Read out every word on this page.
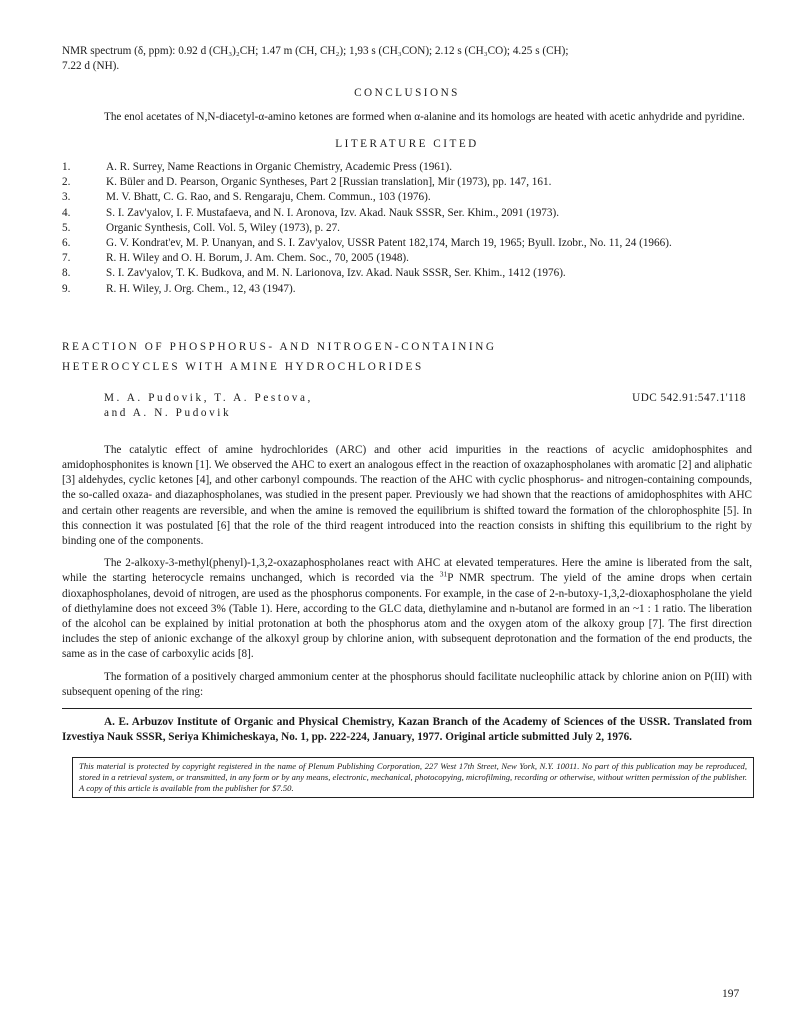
NMR spectrum (δ, ppm): 0.92 d (CH₃)₂CH; 1.47 m (CH, CH₂); 1,93 s (CH₃CON); 2.12 s (CH₃CO); 4.25 s (CH);

7.22 d (NH).

CONCLUSIONS

The enol acetates of N,N-diacetyl-α-amino ketones are formed when α-alanine and its homologs are heated with acetic anhydride and pyridine.

LITERATURE CITED
1.	A. R. Surrey, Name Reactions in Organic Chemistry, Academic Press (1961).
2.	K. Büler and D. Pearson, Organic Syntheses, Part 2 [Russian translation], Mir (1973), pp. 147, 161.
3.	M. V. Bhatt, C. G. Rao, and S. Rengaraju, Chem. Commun., 103 (1976).
4.	S. I. Zav'yalov, I. F. Mustafaeva, and N. I. Aronova, Izv. Akad. Nauk SSSR, Ser. Khim., 2091 (1973).
5.	Organic Synthesis, Coll. Vol. 5, Wiley (1973), p. 27.
6.	G. V. Kondrat'ev, M. P. Unanyan, and S. I. Zav'yalov, USSR Patent 182,174, March 19, 1965; Byull. Izobr., No. 11, 24 (1966).
7.	R. H. Wiley and O. H. Borum, J. Am. Chem. Soc., 70, 2005 (1948).
8.	S. I. Zav'yalov, T. K. Budkova, and M. N. Larionova, Izv. Akad. Nauk SSSR, Ser. Khim., 1412 (1976).
9.	R. H. Wiley, J. Org. Chem., 12, 43 (1947).
REACTION OF PHOSPHORUS- AND NITROGEN-CONTAINING
HETEROCYCLES WITH AMINE HYDROCHLORIDES
M. A. Pudovik, T. A. Pestova,
and A. N. Pudovik
UDC 542.91:547.1'118

The catalytic effect of amine hydrochlorides (ARC) and other acid impurities in the reactions of acyclic amidophosphites and amidophosphonites is known [1]. We observed the AHC to exert an analogous effect in the reaction of oxazaphospholanes with aromatic [2] and aliphatic [3] aldehydes, cyclic ketones [4], and other carbonyl compounds. The reaction of the AHC with cyclic phosphorus- and nitrogen-containing compounds, the so-called oxaza- and diazaphospholanes, was studied in the present paper. Previously we had shown that the reactions of amidophosphites with AHC and certain other reagents are reversible, and when the amine is removed the equilibrium is shifted toward the formation of the chlorophosphite [5]. In this connection it was postulated [6] that the role of the third reagent introduced into the reaction consists in shifting this equilibrium to the right by binding one of the components.

The 2-alkoxy-3-methyl(phenyl)-1,3,2-oxazaphospholanes react with AHC at elevated temperatures. Here the amine is liberated from the salt, while the starting heterocycle remains unchanged, which is recorded via the $^{31}$P NMR spectrum. The yield of the amine drops when certain dioxaphospholanes, devoid of nitrogen, are used as the phosphorus components. For example, in the case of 2-n-butoxy-1,3,2-dioxaphospholane the yield of diethylamine does not exceed 3% (Table 1). Here, according to the GLC data, diethylamine and n-butanol are formed in an ~1 : 1 ratio. The liberation of the alcohol can be explained by initial protonation at both the phosphorus atom and the oxygen atom of the alkoxy group [7]. The first direction includes the step of anionic exchange of the alkoxyl group by chlorine anion, with subsequent deprotonation and the formation of the end products, the same as in the case of carboxylic acids [8].

The formation of a positively charged ammonium center at the phosphorus should facilitate nucleophilic attack by chlorine anion on P(III) with subsequent opening of the ring:

A. E. Arbuzov Institute of Organic and Physical Chemistry, Kazan Branch of the Academy of Sciences of the USSR. Translated from Izvestiya Nauk SSSR, Seriya Khimicheskaya, No. 1, pp. 222-224, January, 1977. Original article submitted July 2, 1976.

This material is protected by copyright registered in the name of Plenum Publishing Corporation, 227 West 17th Street, New York, N.Y. 10011. No part of this publication may be reproduced, stored in a retrieval system, or transmitted, in any form or by any means, electronic, mechanical, photocopying, microfilming, recording or otherwise, without written permission of the publisher. A copy of this article is available from the publisher for $7.50.
197
